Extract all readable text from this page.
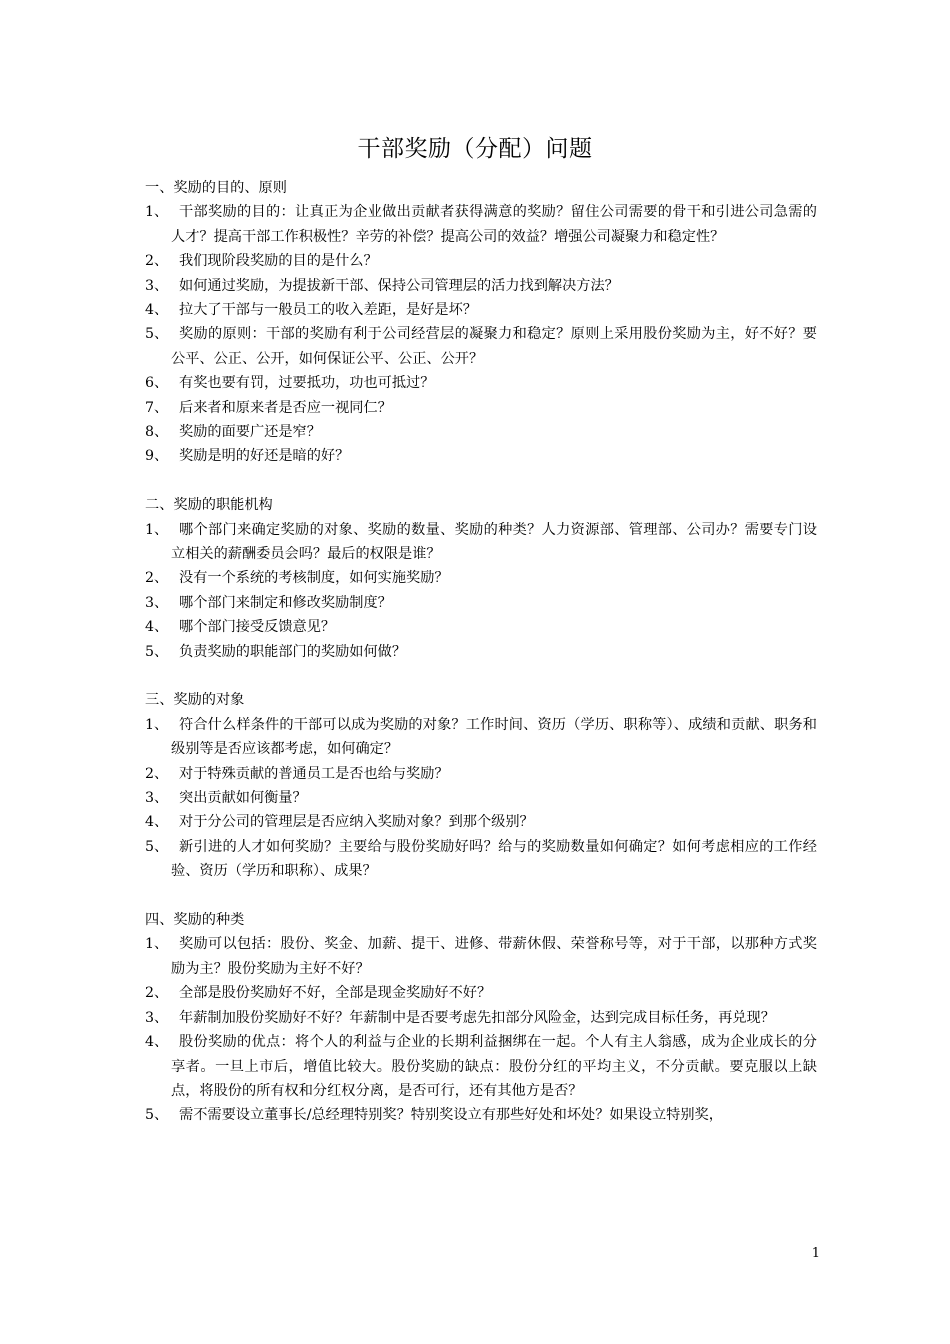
干部奖励（分配）问题
一、奖励的目的、原则
1、 干部奖励的目的：让真正为企业做出贡献者获得满意的奖励？留住公司需要的骨干和引进公司急需的人才？提高干部工作积极性？辛劳的补偿？提高公司的效益？增强公司凝聚力和稳定性？
2、 我们现阶段奖励的目的是什么？
3、 如何通过奖励，为提拔新干部、保持公司管理层的活力找到解决方法？
4、 拉大了干部与一般员工的收入差距，是好是坏？
5、 奖励的原则：干部的奖励有利于公司经营层的凝聚力和稳定？原则上采用股份奖励为主，好不好？要公平、公正、公开，如何保证公平、公正、公开？
6、 有奖也要有罚，过要抵功，功也可抵过？
7、 后来者和原来者是否应一视同仁？
8、 奖励的面要广还是窄？
9、 奖励是明的好还是暗的好？
二、奖励的职能机构
1、 哪个部门来确定奖励的对象、奖励的数量、奖励的种类？人力资源部、管理部、公司办？需要专门设立相关的薪酬委员会吗？最后的权限是谁？
2、 没有一个系统的考核制度，如何实施奖励？
3、 哪个部门来制定和修改奖励制度？
4、 哪个部门接受反馈意见？
5、 负责奖励的职能部门的奖励如何做？
三、奖励的对象
1、 符合什么样条件的干部可以成为奖励的对象？工作时间、资历（学历、职称等）、成绩和贡献、职务和级别等是否应该都考虑，如何确定？
2、 对于特殊贡献的普通员工是否也给与奖励？
3、 突出贡献如何衡量？
4、 对于分公司的管理层是否应纳入奖励对象？到那个级别？
5、 新引进的人才如何奖励？主要给与股份奖励好吗？给与的奖励数量如何确定？如何考虑相应的工作经验、资历（学历和职称）、成果？
四、奖励的种类
1、 奖励可以包括：股份、奖金、加薪、提干、进修、带薪休假、荣誉称号等，对于干部，以那种方式奖励为主？股份奖励为主好不好？
2、 全部是股份奖励好不好，全部是现金奖励好不好？
3、 年薪制加股份奖励好不好？年薪制中是否要考虑先扣部分风险金，达到完成目标任务，再兑现？
4、 股份奖励的优点：将个人的利益与企业的长期利益捆绑在一起。个人有主人翁感，成为企业成长的分享者。一旦上市后，增值比较大。股份奖励的缺点：股份分红的平均主义，不分贡献。要克服以上缺点，将股份的所有权和分红权分离，是否可行，还有其他方是否？
5、 需不需要设立董事长/总经理特别奖？特别奖设立有那些好处和坏处？如果设立特别奖，
1
